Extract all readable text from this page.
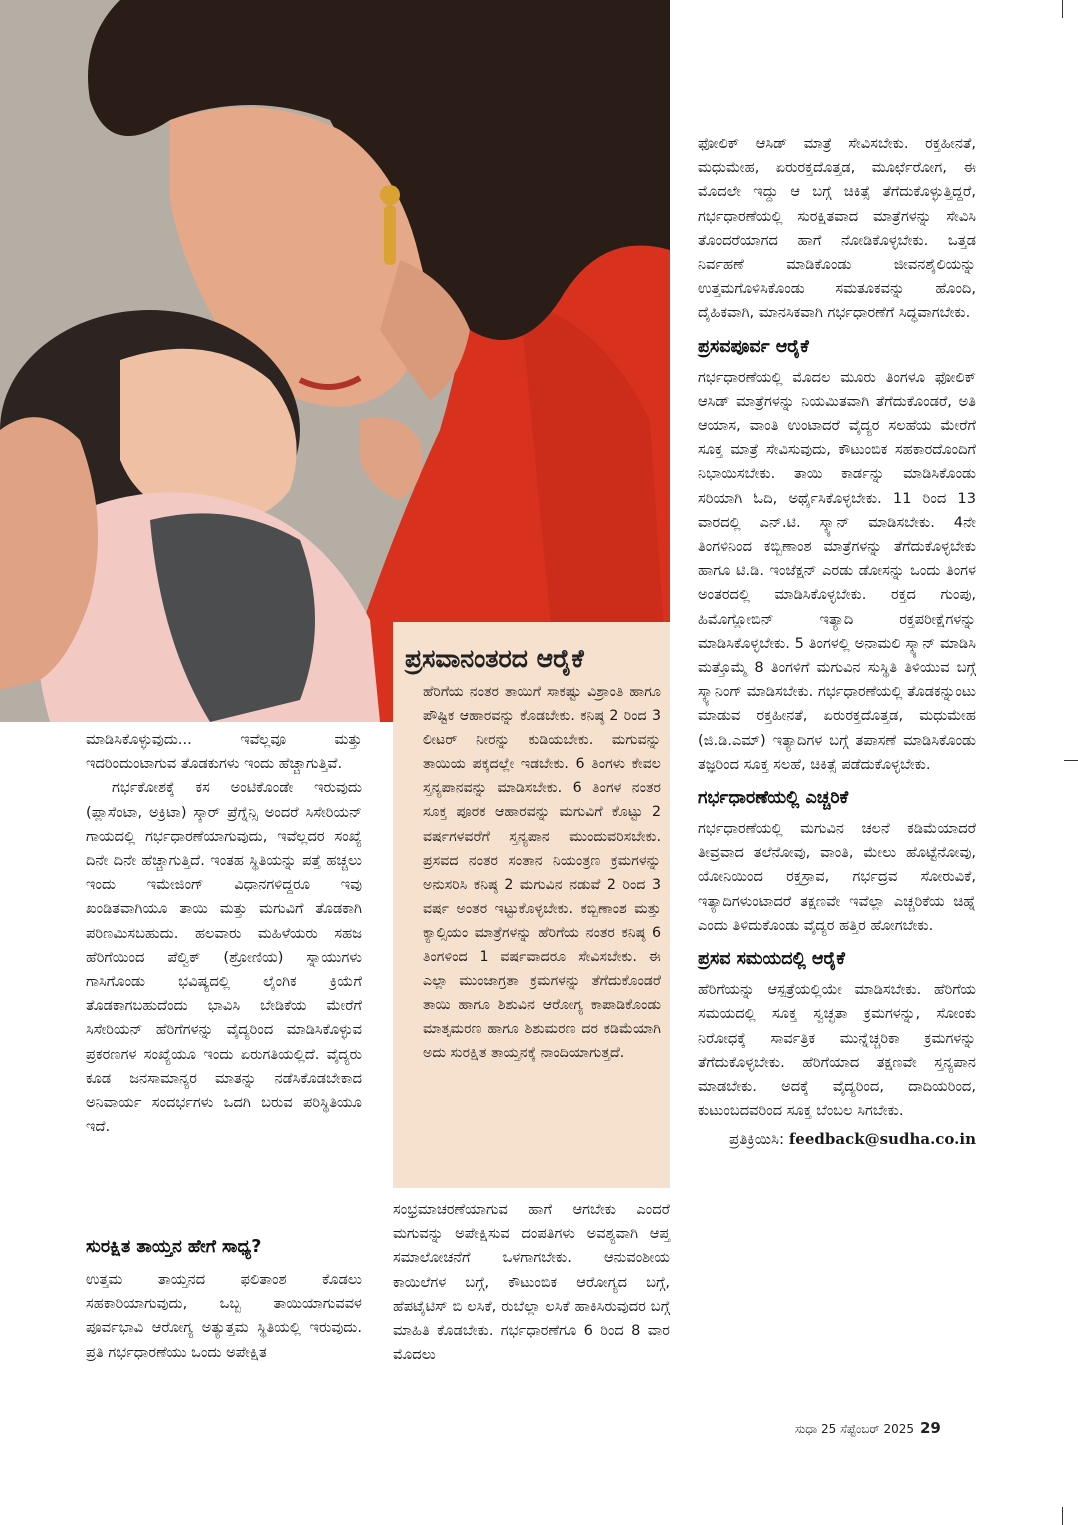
ಮಾಡಿಸಿಕೊಳ್ಳುವುದು... ಇವೆಲ್ಲವೂ ಮತ್ತು ಇದರಿಂದುಂಟಾಗುವ ತೊಡಕುಗಳು ಇಂದು ಹೆಚ್ಚಾಗುತ್ತಿವೆ.

ಗರ್ಭಕೋಶಕ್ಕೆ ಕಸ ಅಂಟಿಕೊಂಡೇ ಇರುವುದು (ಪ್ಲಾಸೆಂಟಾ, ಅಕ್ರಿಟಾ) ಸ್ಕಾರ್ ಪ್ರೆಗ್ನೆನ್ಸಿ ಅಂದರೆ ಸಿಸೇರಿಯನ್ ಗಾಯದಲ್ಲಿ ಗರ್ಭಧಾರಣೆಯಾಗುವುದು, ಇವೆಲ್ಲದರ ಸಂಖ್ಯೆ ದಿನೇ ದಿನೇ ಹೆಚ್ಚಾಗುತ್ತಿದೆ. ಇಂತಹ ಸ್ಥಿತಿಯನ್ನು ಪತ್ತೆ ಹಚ್ಚಲು ಇಂದು ಇಮೇಜಿಂಗ್ ವಿಧಾನಗಳಿದ್ದರೂ ಇವು ಖಂಡಿತವಾಗಿಯೂ ತಾಯಿ ಮತ್ತು ಮಗುವಿಗೆ ತೊಡಕಾಗಿ ಪರಿಣಮಿಸಬಹುದು. ಹಲವಾರು ಮಹಿಳೆಯರು ಸಹಜ ಹೆರಿಗೆಯಿಂದ ಪೆಲ್ವಿಕ್ (ಶ್ರೋಣಿಯ) ಸ್ನಾಯುಗಳು ಗಾಸಿಗೊಂಡು ಭವಿಷ್ಯದಲ್ಲಿ ಲೈಂಗಿಕ ಕ್ರಿಯೆಗೆ ತೊಡಕಾಗಬಹುದೆಂದು ಭಾವಿಸಿ ಬೇಡಿಕೆಯ ಮೇರೆಗೆ ಸಿಸೇರಿಯನ್ ಹೆರಿಗೆಗಳನ್ನು ವೈದ್ಯರಿಂದ ಮಾಡಿಸಿಕೊಳ್ಳುವ ಪ್ರಕರಣಗಳ ಸಂಖ್ಯೆಯೂ ಇಂದು ಏರುಗತಿಯಲ್ಲಿದೆ. ವೈದ್ಯರು ಕೂಡ ಜನಸಾಮಾನ್ಯರ ಮಾತನ್ನು ನಡೆಸಿಕೊಡಬೇಕಾದ ಅನಿವಾರ್ಯ ಸಂದರ್ಭಗಳು ಒದಗಿ ಬರುವ ಪರಿಸ್ಥಿತಿಯೂ ಇದೆ.

ಸುರಕ್ಷಿತ ತಾಯ್ತನ ಹೇಗೆ ಸಾಧ್ಯ?

ಉತ್ತಮ ತಾಯ್ತನದ ಫಲಿತಾಂಶ ಕೊಡಲು ಸಹಕಾರಿಯಾಗುವುದು, ಒಬ್ಬ ತಾಯಿಯಾಗುವವಳ ಪೂರ್ವಭಾವಿ ಆರೋಗ್ಯ ಅತ್ಯುತ್ತಮ ಸ್ಥಿತಿಯಲ್ಲಿ ಇರುವುದು. ಪ್ರತಿ ಗರ್ಭಧಾರಣೆಯು ಒಂದು ಅಪೇಕ್ಷಿತ

ಪ್ರಸವಾನಂತರದ ಆರೈಕೆ
ಹೆರಿಗೆಯ ನಂತರ ತಾಯಿಗೆ ಸಾಕಷ್ಟು ವಿಶ್ರಾಂತಿ ಹಾಗೂ ಪೌಷ್ಟಿಕ ಆಹಾರವನ್ನು ಕೊಡಬೇಕು. ಕನಿಷ್ಠ 2 ರಿಂದ 3 ಲೀಟರ್ ನೀರನ್ನು ಕುಡಿಯಬೇಕು. ಮಗುವನ್ನು ತಾಯಿಯ ಪಕ್ಕದಲ್ಲೇ ಇಡಬೇಕು. 6 ತಿಂಗಳು ಕೇವಲ ಸ್ತನ್ಯಪಾನವನ್ನು ಮಾಡಿಸಬೇಕು. 6 ತಿಂಗಳ ನಂತರ ಸೂಕ್ತ ಪೂರಕ ಆಹಾರವನ್ನು ಮಗುವಿಗೆ ಕೊಟ್ಟು 2 ವರ್ಷಗಳವರೆಗೆ ಸ್ತನ್ಯಪಾನ ಮುಂದುವರಿಸಬೇಕು. ಪ್ರಸವದ ನಂತರ ಸಂತಾನ ನಿಯಂತ್ರಣ ಕ್ರಮಗಳನ್ನು ಅನುಸರಿಸಿ ಕನಿಷ್ಠ 2 ಮಗುವಿನ ನಡುವೆ 2 ರಿಂದ 3 ವರ್ಷ ಅಂತರ ಇಟ್ಟುಕೊಳ್ಳಬೇಕು. ಕಬ್ಬಿಣಾಂಶ ಮತ್ತು ಕ್ಯಾಲ್ಸಿಯಂ ಮಾತ್ರೆಗಳನ್ನು ಹೆರಿಗೆಯ ನಂತರ ಕನಿಷ್ಠ 6 ತಿಂಗಳಿಂದ 1 ವರ್ಷವಾದರೂ ಸೇವಿಸಬೇಕು. ಈ ಎಲ್ಲಾ ಮುಂಜಾಗ್ರತಾ ಕ್ರಮಗಳನ್ನು ತೆಗೆದುಕೊಂಡರೆ ತಾಯಿ ಹಾಗೂ ಶಿಶುವಿನ ಆರೋಗ್ಯ ಕಾಪಾಡಿಕೊಂಡು ಮಾತೃಮರಣ ಹಾಗೂ ಶಿಶುಮರಣ ದರ ಕಡಿಮೆಯಾಗಿ ಅದು ಸುರಕ್ಷಿತ ತಾಯ್ತನಕ್ಕೆ ನಾಂದಿಯಾಗುತ್ತದೆ.

ಸಂಭ್ರಮಾಚರಣೆಯಾಗುವ ಹಾಗೆ ಆಗಬೇಕು ಎಂದರೆ ಮಗುವನ್ನು ಅಪೇಕ್ಷಿಸುವ ದಂಪತಿಗಳು ಅವಶ್ಯವಾಗಿ ಆಪ್ತ ಸಮಾಲೋಚನೆಗೆ ಒಳಗಾಗಬೇಕು. ಆನುವಂಶೀಯ ಕಾಯಿಲೆಗಳ ಬಗ್ಗೆ, ಕೌಟುಂಬಿಕ ಆರೋಗ್ಯದ ಬಗ್ಗೆ, ಹೆಪಟೈಟಿಸ್ ಬಿ ಲಸಿಕೆ, ರುಬೆಲ್ಲಾ ಲಸಿಕೆ ಹಾಕಿಸಿರುವುದರ ಬಗ್ಗೆ ಮಾಹಿತಿ ಕೊಡಬೇಕು. ಗರ್ಭಧಾರಣೆಗೂ 6 ರಿಂದ 8 ವಾರ ಮೊದಲು

ಫೋಲಿಕ್ ಆಸಿಡ್ ಮಾತ್ರೆ ಸೇವಿಸಬೇಕು. ರಕ್ತಹೀನತೆ, ಮಧುಮೇಹ, ಏರುರಕ್ತದೊತ್ತಡ, ಮೂರ್ಛೆರೋಗ, ಈ ಮೊದಲೇ ಇದ್ದು ಆ ಬಗ್ಗೆ ಚಿಕಿತ್ಸೆ ತೆಗೆದುಕೊಳ್ಳುತ್ತಿದ್ದರೆ, ಗರ್ಭಧಾರಣೆಯಲ್ಲಿ ಸುರಕ್ಷಿತವಾದ ಮಾತ್ರೆಗಳನ್ನು ಸೇವಿಸಿ ತೊಂದರೆಯಾಗದ ಹಾಗೆ ನೋಡಿಕೊಳ್ಳಬೇಕು. ಒತ್ತಡ ನಿರ್ವಹಣೆ ಮಾಡಿಕೊಂಡು ಜೀವನಶೈಲಿಯನ್ನು ಉತ್ತಮಗೊಳಿಸಿಕೊಂಡು ಸಮತೂಕವನ್ನು ಹೊಂದಿ, ದೈಹಿಕವಾಗಿ, ಮಾನಸಿಕವಾಗಿ ಗರ್ಭಧಾರಣೆಗೆ ಸಿದ್ಧವಾಗಬೇಕು.

ಪ್ರಸವಪೂರ್ವ ಆರೈಕೆ

ಗರ್ಭಧಾರಣೆಯಲ್ಲಿ ಮೊದಲ ಮೂರು ತಿಂಗಳೂ ಫೋಲಿಕ್ ಆಸಿಡ್ ಮಾತ್ರೆಗಳನ್ನು ನಿಯಮಿತವಾಗಿ ತೆಗೆದುಕೊಂಡರೆ, ಅತಿ ಆಯಾಸ, ವಾಂತಿ ಉಂಟಾದರೆ ವೈದ್ಯರ ಸಲಹೆಯ ಮೇರೆಗೆ ಸೂಕ್ತ ಮಾತ್ರೆ ಸೇವಿಸುವುದು, ಕೌಟುಂಬಿಕ ಸಹಕಾರದೊಂದಿಗೆ ನಿಭಾಯಿಸಬೇಕು. ತಾಯಿ ಕಾರ್ಡನ್ನು ಮಾಡಿಸಿಕೊಂಡು ಸರಿಯಾಗಿ ಓದಿ, ಅರ್ಥೈಸಿಕೊಳ್ಳಬೇಕು. 11 ರಿಂದ 13 ವಾರದಲ್ಲಿ ಎನ್.ಟಿ. ಸ್ಕ್ಯಾನ್ ಮಾಡಿಸಬೇಕು. 4ನೇ ತಿಂಗಳಿನಿಂದ ಕಬ್ಬಿಣಾಂಶ ಮಾತ್ರೆಗಳನ್ನು ತೆಗೆದುಕೊಳ್ಳಬೇಕು ಹಾಗೂ ಟಿ.ಡಿ. ಇಂಜೆಕ್ಷನ್ ಎರಡು ಡೋಸನ್ನು ಒಂದು ತಿಂಗಳ ಅಂತರದಲ್ಲಿ ಮಾಡಿಸಿಕೊಳ್ಳಬೇಕು. ರಕ್ತದ ಗುಂಪು, ಹಿಮೊಗ್ಲೋಬಿನ್ ಇತ್ಯಾದಿ ರಕ್ತಪರೀಕ್ಷೆಗಳನ್ನು ಮಾಡಿಸಿಕೊಳ್ಳಬೇಕು. 5 ತಿಂಗಳಲ್ಲಿ ಅನಾಮಲಿ ಸ್ಕ್ಯಾನ್ ಮಾಡಿಸಿ ಮತ್ತೊಮ್ಮೆ 8 ತಿಂಗಳಿಗೆ ಮಗುವಿನ ಸುಸ್ಥಿತಿ ತಿಳಿಯುವ ಬಗ್ಗೆ ಸ್ಕ್ಯಾನಿಂಗ್ ಮಾಡಿಸಬೇಕು. ಗರ್ಭಧಾರಣೆಯಲ್ಲಿ ತೊಡಕನ್ನುಂಟು ಮಾಡುವ ರಕ್ತಹೀನತೆ, ಏರುರಕ್ತದೊತ್ತಡ, ಮಧುಮೇಹ (ಜಿ.ಡಿ.ಎಮ್) ಇತ್ಯಾದಿಗಳ ಬಗ್ಗೆ ತಪಾಸಣೆ ಮಾಡಿಸಿಕೊಂಡು ತಜ್ಞರಿಂದ ಸೂಕ್ತ ಸಲಹೆ, ಚಿಕಿತ್ಸೆ ಪಡೆದುಕೊಳ್ಳಬೇಕು.

ಗರ್ಭಧಾರಣೆಯಲ್ಲಿ ಎಚ್ಚರಿಕೆ

ಗರ್ಭಧಾರಣೆಯಲ್ಲಿ ಮಗುವಿನ ಚಲನೆ ಕಡಿಮೆಯಾದರೆ ತೀವ್ರವಾದ ತಲೆನೋವು, ವಾಂತಿ, ಮೇಲು ಹೊಟ್ಟೆನೋವು, ಯೋನಿಯಿಂದ ರಕ್ತಸ್ರಾವ, ಗರ್ಭದ್ರವ ಸೋರುವಿಕೆ, ಇತ್ಯಾದಿಗಳುಂಟಾದರೆ ತಕ್ಷಣವೇ ಇವೆಲ್ಲಾ ಎಚ್ಚರಿಕೆಯ ಚಿಹ್ನೆ ಎಂದು ತಿಳಿದುಕೊಂಡು ವೈದ್ಯರ ಹತ್ತಿರ ಹೋಗಬೇಕು.

ಪ್ರಸವ ಸಮಯದಲ್ಲಿ ಆರೈಕೆ

ಹೆರಿಗೆಯನ್ನು ಆಸ್ಪತ್ರೆಯಲ್ಲಿಯೇ ಮಾಡಿಸಬೇಕು. ಹೆರಿಗೆಯ ಸಮಯದಲ್ಲಿ ಸೂಕ್ತ ಸ್ವಚ್ಛತಾ ಕ್ರಮಗಳನ್ನು, ಸೋಂಕು ನಿರೋಧಕ್ಕೆ ಸಾರ್ವತ್ರಿಕ ಮುನ್ನೆಚ್ಚರಿಕಾ ಕ್ರಮಗಳನ್ನು ತೆಗೆದುಕೊಳ್ಳಬೇಕು. ಹೆರಿಗೆಯಾದ ತಕ್ಷಣವೇ ಸ್ತನ್ಯಪಾನ ಮಾಡಬೇಕು. ಅದಕ್ಕೆ ವೈದ್ಯರಿಂದ, ದಾದಿಯರಿಂದ, ಕುಟುಂಬದವರಿಂದ ಸೂಕ್ತ ಬೆಂಬಲ ಸಿಗಬೇಕು.

ಪ್ರತಿಕ್ರಿಯಿಸಿ: feedback@sudha.co.in
ಸುಧಾ 25 ಸೆಪ್ಟೆಂಬರ್ 2025 29
